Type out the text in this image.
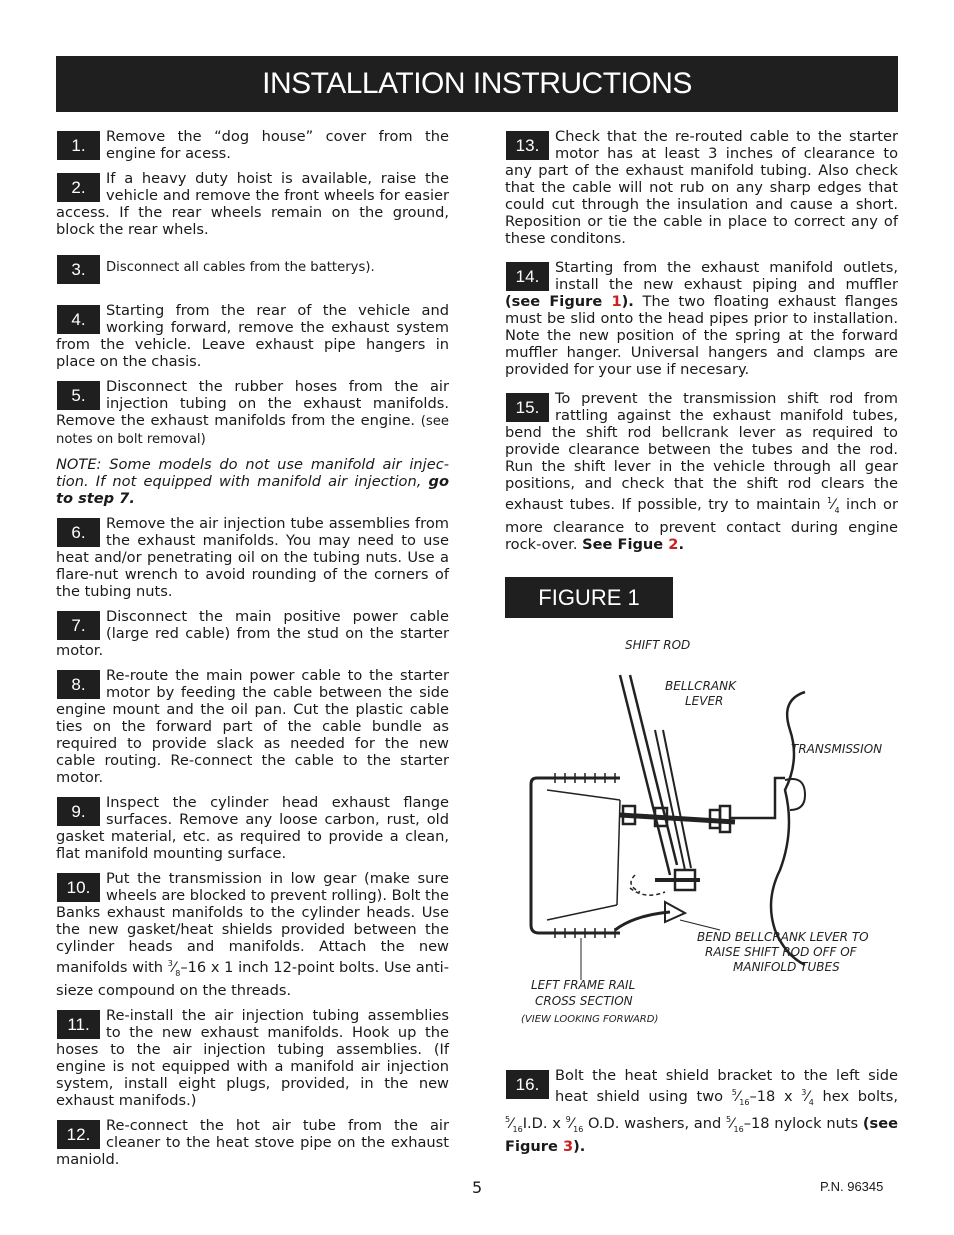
INSTALLATION INSTRUCTIONS
1.	Remove the “dog house” cover from the engine for acess.

2.	If a heavy duty hoist is available, raise the vehicle and remove the front wheels for easier access. If the rear wheels remain on the ground, block the rear whels.

3.	Disconnect all cables from the batterys).

4.	Starting from the rear of the vehicle and working forward, remove the exhaust system from the vehicle. Leave exhaust pipe hangers in place on the chasis.

5.	Disconnect the rubber hoses from the air injection tubing on the exhaust manifolds. Remove the exhaust manifolds from the engine. (see notes on bolt removal)

NOTE: Some models do not use manifold air injec-tion. If not equipped with manifold air injection, go to step 7.
6.	Remove the air injection tube assemblies from the exhaust manifolds. You may need to use heat and/or penetrating oil on the tubing nuts. Use a flare-nut wrench to avoid rounding of the corners of the tubing nuts.

7.	Disconnect the main positive power cable (large red cable) from the stud on the starter motor.

8.	Re-route the main power cable to the starter motor by feeding the cable between the side engine mount and the oil pan. Cut the plastic cable ties on the forward part of the cable bundle as required to provide slack as needed for the new cable routing. Re-connect the cable to the starter motor.

9.	Inspect the cylinder head exhaust flange surfaces. Remove any loose carbon, rust, old gasket material, etc. as required to provide a clean, flat manifold mounting surface.

10.	Put the transmission in low gear (make sure wheels are blocked to prevent rolling). Bolt the Banks exhaust manifolds to the cylinder heads. Use the new gasket/heat shields provided between the cylinder heads and manifolds. Attach the new manifolds with $^3⁄_8-16$ x 1 inch 12-point bolts. Use anti-sieze compound on the threads.

11.	Re-install the air injection tubing assemblies to the new exhaust manifolds. Hook up the hoses to the air injection tubing assemblies. (If engine is not equipped with a manifold air injection system, install eight plugs, provided, in the new exhaust manifods.)

12.	Re-connect the hot air tube from the air cleaner to the heat stove pipe on the exhaust maniold.

13.	Check that the re-routed cable to the starter motor has at least 3 inches of clearance to any part of the exhaust manifold tubing. Also check that the cable will not rub on any sharp edges that could cut through the insulation and cause a short. Reposition or tie the cable in place to correct any of these conditons.

14.	Starting from the exhaust manifold outlets, install the new exhaust piping and muffler (see Figure 1). The two floating exhaust flanges must be slid onto the head pipes prior to installation. Note the new position of the spring at the forward muffler hanger. Universal hangers and clamps are provided for your use if necesary.

15.	To prevent the transmission shift rod from rattling against the exhaust manifold tubes, bend the shift rod bellcrank lever as required to provide clearance between the tubes and the rod. Run the shift lever in the vehicle through all gear positions, and check that the shift rod clears the exhaust tubes. If possible, try to maintain $^1⁄_4$ inch or more clearance to prevent contact during engine rock-over. See Figue 2.

FIGURE 1
SHIFT ROD
BELLCRANK
LEVER
TRANSMISSION
BEND BELLCRANK LEVER TO
RAISE SHIFT ROD OFF OF
MANIFOLD TUBES
LEFT FRAME RAIL
CROSS SECTION
(VIEW LOOKING FORWARD)
16.	Bolt the heat shield bracket to the left side heat shield using two $^5⁄_{16}-18$ x $^3⁄_4$ hex bolts, $^5⁄_{16}I.D$. x $^9⁄_{16}$ O.D. washers, and $^5⁄_{16}-18$ nylock nuts (see Figure 3).

5	P.N. 96345
